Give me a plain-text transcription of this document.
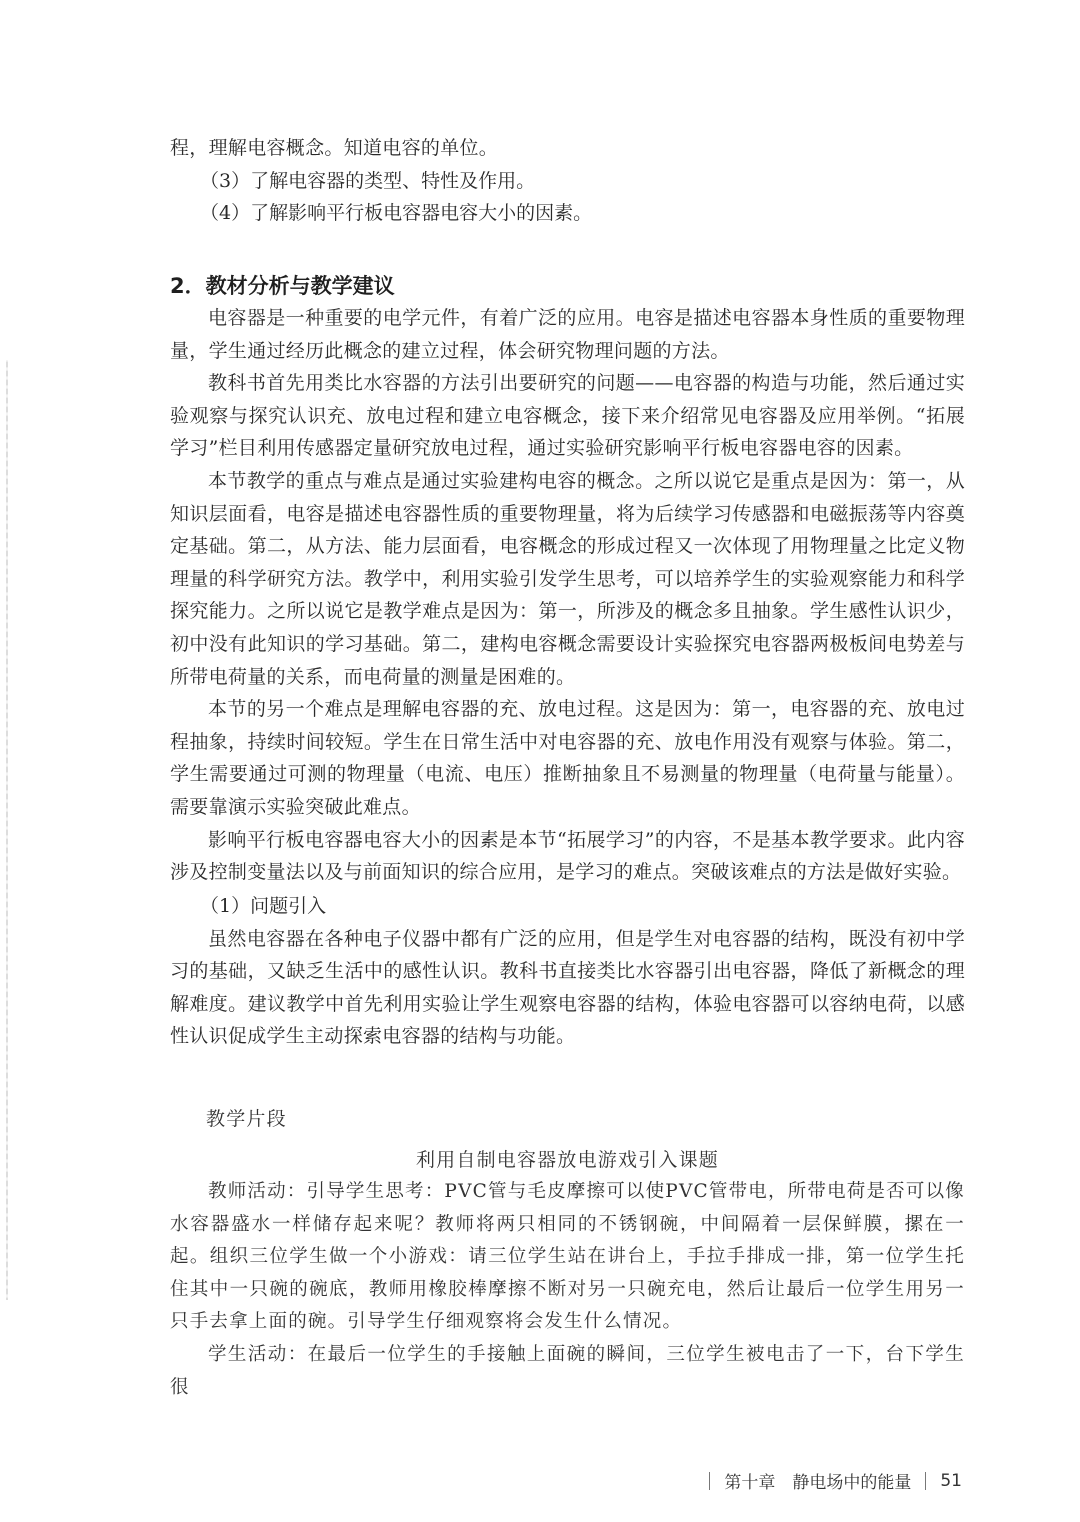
程，理解电容概念。知道电容的单位。

（3）了解电容器的类型、特性及作用。

（4）了解影响平行板电容器电容大小的因素。

2．教材分析与教学建议

电容器是一种重要的电学元件，有着广泛的应用。电容是描述电容器本身性质的重要物理量，学生通过经历此概念的建立过程，体会研究物理问题的方法。

教科书首先用类比水容器的方法引出要研究的问题——电容器的构造与功能，然后通过实验观察与探究认识充、放电过程和建立电容概念，接下来介绍常见电容器及应用举例。“拓展学习”栏目利用传感器定量研究放电过程，通过实验研究影响平行板电容器电容的因素。

本节教学的重点与难点是通过实验建构电容的概念。之所以说它是重点是因为：第一，从知识层面看，电容是描述电容器性质的重要物理量，将为后续学习传感器和电磁振荡等内容奠定基础。第二，从方法、能力层面看，电容概念的形成过程又一次体现了用物理量之比定义物理量的科学研究方法。教学中，利用实验引发学生思考，可以培养学生的实验观察能力和科学探究能力。之所以说它是教学难点是因为：第一，所涉及的概念多且抽象。学生感性认识少，初中没有此知识的学习基础。第二，建构电容概念需要设计实验探究电容器两极板间电势差与所带电荷量的关系，而电荷量的测量是困难的。

本节的另一个难点是理解电容器的充、放电过程。这是因为：第一，电容器的充、放电过程抽象，持续时间较短。学生在日常生活中对电容器的充、放电作用没有观察与体验。第二，学生需要通过可测的物理量（电流、电压）推断抽象且不易测量的物理量（电荷量与能量）。需要靠演示实验突破此难点。

影响平行板电容器电容大小的因素是本节“拓展学习”的内容，不是基本教学要求。此内容涉及控制变量法以及与前面知识的综合应用，是学习的难点。突破该难点的方法是做好实验。

（1）问题引入

虽然电容器在各种电子仪器中都有广泛的应用，但是学生对电容器的结构，既没有初中学习的基础，又缺乏生活中的感性认识。教科书直接类比水容器引出电容器，降低了新概念的理解难度。建议教学中首先利用实验让学生观察电容器的结构，体验电容器可以容纳电荷，以感性认识促成学生主动探索电容器的结构与功能。

教学片段

利用自制电容器放电游戏引入课题

教师活动：引导学生思考：PVC管与毛皮摩擦可以使PVC管带电，所带电荷是否可以像水容器盛水一样储存起来呢？教师将两只相同的不锈钢碗，中间隔着一层保鲜膜，摞在一起。组织三位学生做一个小游戏：请三位学生站在讲台上，手拉手排成一排，第一位学生托住其中一只碗的碗底，教师用橡胶棒摩擦不断对另一只碗充电，然后让最后一位学生用另一只手去拿上面的碗。引导学生仔细观察将会发生什么情况。

学生活动：在最后一位学生的手接触上面碗的瞬间，三位学生被电击了一下，台下学生很

第十章　静电场中的能量 51
